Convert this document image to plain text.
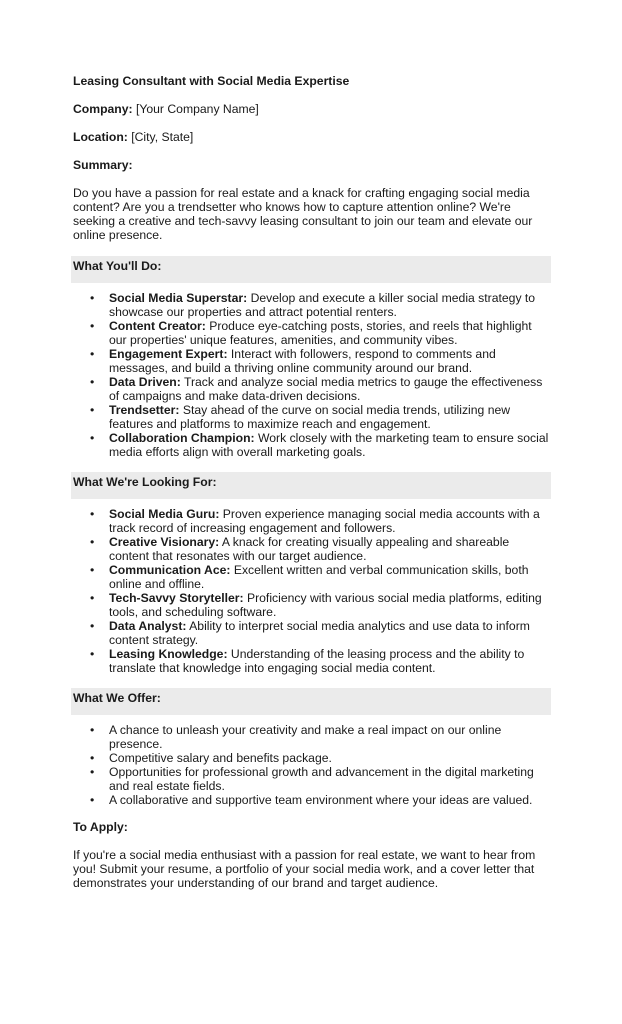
Leasing Consultant with Social Media Expertise
Company: [Your Company Name]
Location: [City, State]
Summary:
Do you have a passion for real estate and a knack for crafting engaging social media content? Are you a trendsetter who knows how to capture attention online? We're seeking a creative and tech-savvy leasing consultant to join our team and elevate our online presence.
What You'll Do:
• Social Media Superstar: Develop and execute a killer social media strategy to showcase our properties and attract potential renters.
• Content Creator: Produce eye-catching posts, stories, and reels that highlight our properties' unique features, amenities, and community vibes.
• Engagement Expert: Interact with followers, respond to comments and messages, and build a thriving online community around our brand.
• Data Driven: Track and analyze social media metrics to gauge the effectiveness of campaigns and make data-driven decisions.
• Trendsetter: Stay ahead of the curve on social media trends, utilizing new features and platforms to maximize reach and engagement.
• Collaboration Champion: Work closely with the marketing team to ensure social media efforts align with overall marketing goals.
What We're Looking For:
• Social Media Guru: Proven experience managing social media accounts with a track record of increasing engagement and followers.
• Creative Visionary: A knack for creating visually appealing and shareable content that resonates with our target audience.
• Communication Ace: Excellent written and verbal communication skills, both online and offline.
• Tech-Savvy Storyteller: Proficiency with various social media platforms, editing tools, and scheduling software.
• Data Analyst: Ability to interpret social media analytics and use data to inform content strategy.
• Leasing Knowledge: Understanding of the leasing process and the ability to translate that knowledge into engaging social media content.
What We Offer:
• A chance to unleash your creativity and make a real impact on our online presence.
• Competitive salary and benefits package.
• Opportunities for professional growth and advancement in the digital marketing and real estate fields.
• A collaborative and supportive team environment where your ideas are valued.
To Apply:
If you're a social media enthusiast with a passion for real estate, we want to hear from you! Submit your resume, a portfolio of your social media work, and a cover letter that demonstrates your understanding of our brand and target audience.
